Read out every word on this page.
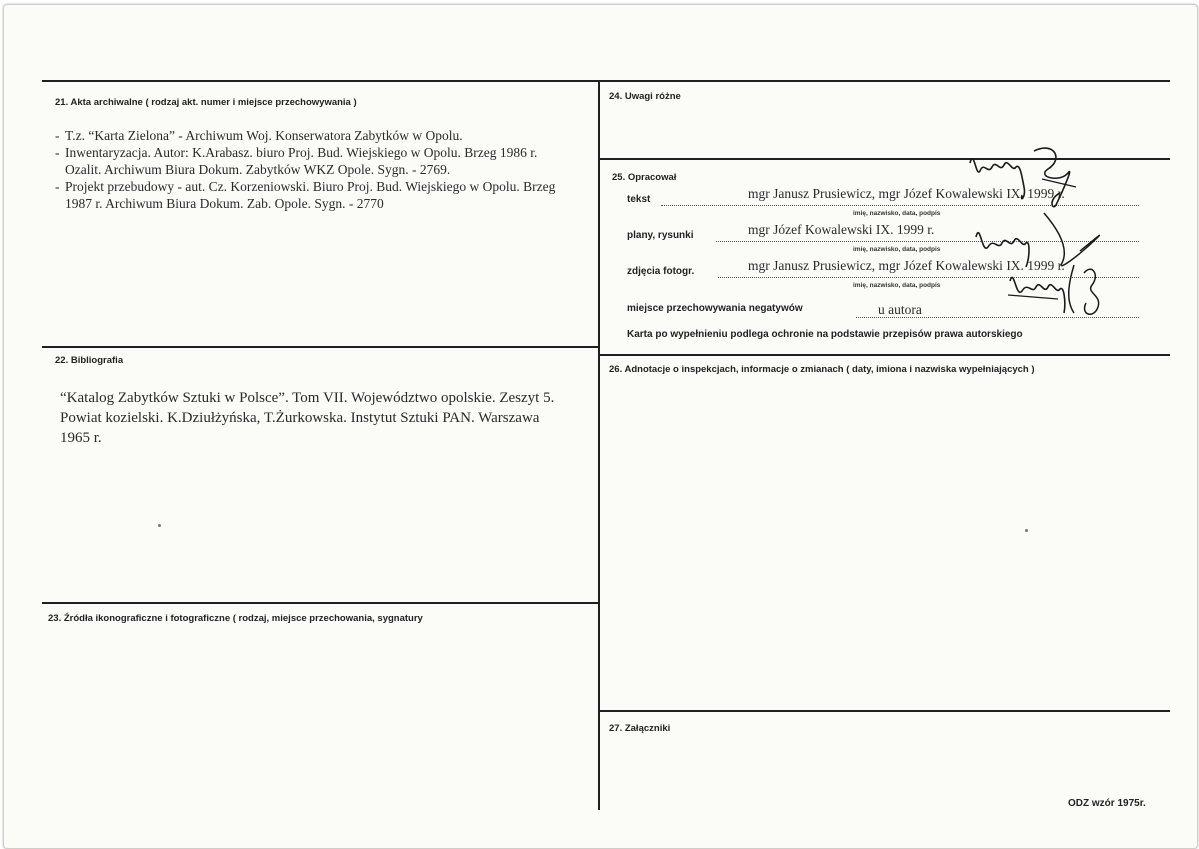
21. Akta archiwalne ( rodzaj akt. numer i miejsce przechowywania )
- T.z. “Karta Zielona” - Archiwum Woj. Konserwatora Zabytków w Opolu.
- Inwentaryzacja. Autor: K.Arabasz. biuro Proj. Bud. Wiejskiego w Opolu. Brzeg 1986 r. Ozalit. Archiwum Biura Dokum. Zabytków WKZ Opole. Sygn. - 2769.
- Projekt przebudowy - aut. Cz. Korzeniowski. Biuro Proj. Bud. Wiejskiego w Opolu. Brzeg 1987 r. Archiwum Biura Dokum. Zab. Opole. Sygn. - 2770
22. Bibliografia
“Katalog Zabytków Sztuki w Polsce”. Tom VII. Województwo opolskie. Zeszyt 5. Powiat kozielski. K.Dziułżyńska, T.Żurkowska. Instytut Sztuki PAN. Warszawa 1965 r.
23. Źródła ikonograficzne i fotograficzne ( rodzaj, miejsce przechowania, sygnatury
24. Uwagi różne
25. Opracował
tekst	mgr Janusz Prusiewicz, mgr Józef Kowalewski IX. 1999 r.
imię, nazwisko, data, podpis
plany, rysunki	mgr Józef Kowalewski IX. 1999 r.
imię, nazwisko, data, podpis
zdjęcia fotogr.	mgr Janusz Prusiewicz, mgr Józef Kowalewski IX. 1999 r.
imię, nazwisko, data, podpis
miejsce przechowywania negatywów	u autora
Karta po wypełnieniu podlega ochronie na podstawie przepisów prawa autorskiego
26. Adnotacje o inspekcjach, informacje o zmianach ( daty, imiona i nazwiska wypełniających )
27. Załączniki
ODZ wzór 1975r.
